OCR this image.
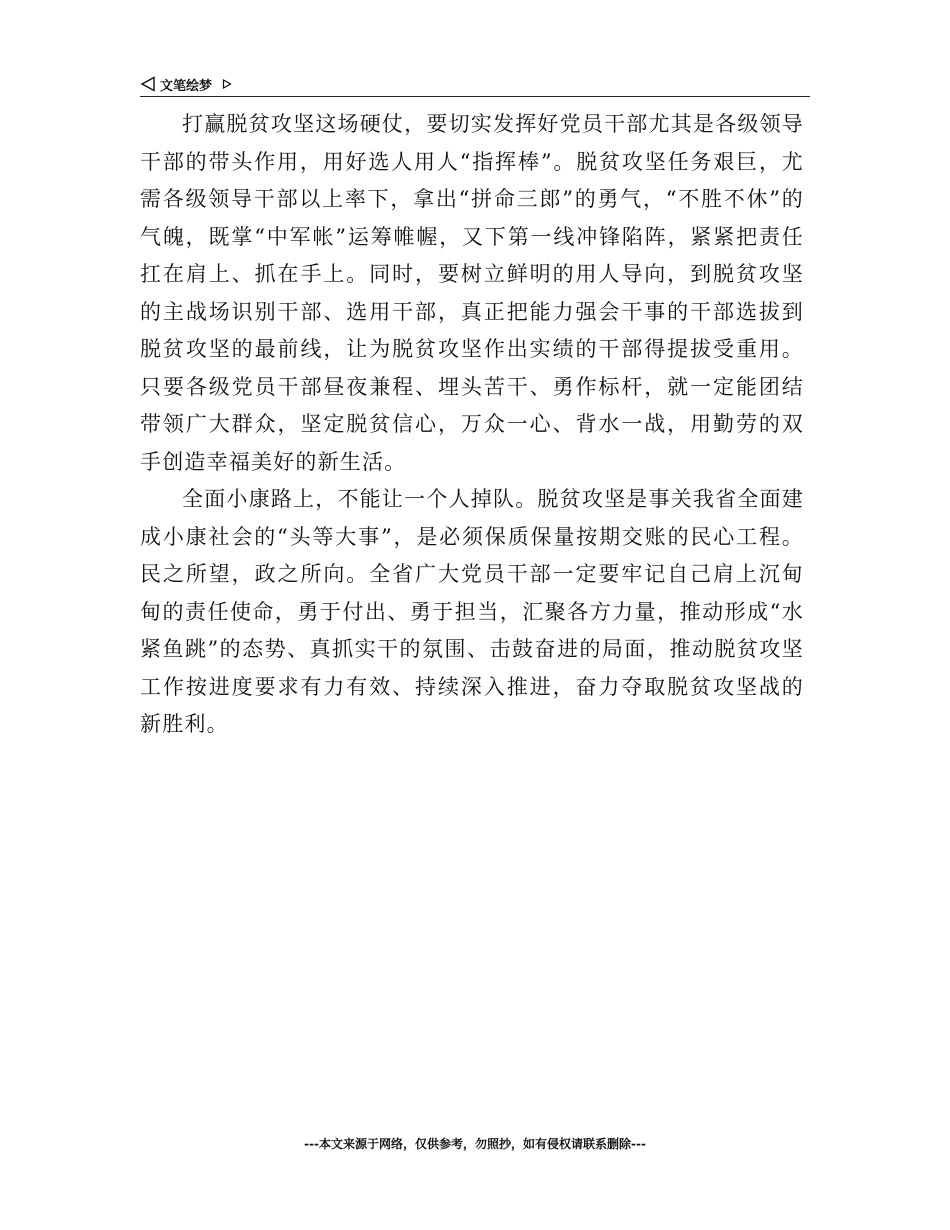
文笔绘梦

打赢脱贫攻坚这场硬仗，要切实发挥好党员干部尤其是各级领导干部的带头作用，用好选人用人“指挥棒”。脱贫攻坚任务艰巨，尤需各级领导干部以上率下，拿出“拼命三郎”的勇气，“不胜不休”的气魄，既掌“中军帐”运筹帷幄，又下第一线冲锋陷阵，紧紧把责任扛在肩上、抓在手上。同时，要树立鲜明的用人导向，到脱贫攻坚的主战场识别干部、选用干部，真正把能力强会干事的干部选拔到脱贫攻坚的最前线，让为脱贫攻坚作出实绩的干部得提拔受重用。只要各级党员干部昼夜兼程、埋头苦干、勇作标杆，就一定能团结带领广大群众，坚定脱贫信心，万众一心、背水一战，用勤劳的双手创造幸福美好的新生活。

全面小康路上，不能让一个人掉队。脱贫攻坚是事关我省全面建成小康社会的“头等大事”，是必须保质保量按期交账的民心工程。民之所望，政之所向。全省广大党员干部一定要牢记自己肩上沉甸甸的责任使命，勇于付出、勇于担当，汇聚各方力量，推动形成“水紧鱼跳”的态势、真抓实干的氛围、击鼓奋进的局面，推动脱贫攻坚工作按进度要求有力有效、持续深入推进，奋力夺取脱贫攻坚战的新胜利。

---本文来源于网络，仅供参考，勿照抄，如有侵权请联系删除---
